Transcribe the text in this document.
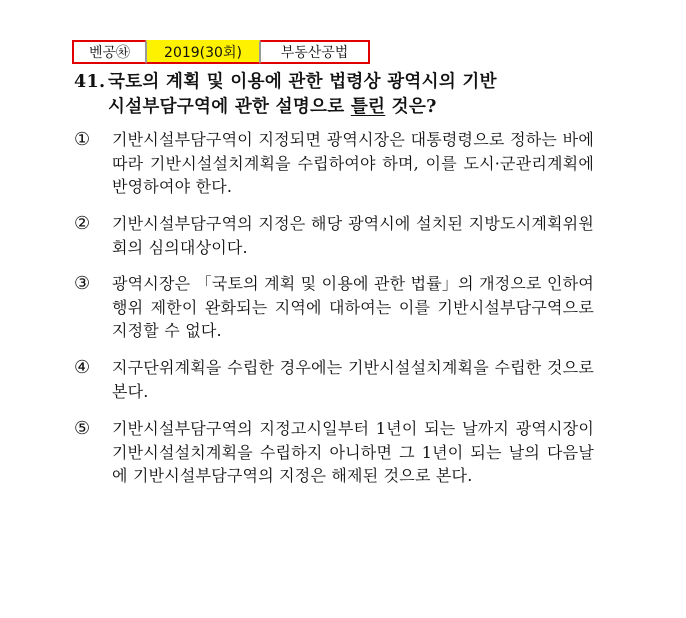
벤공㉷	2019(30회)	부동산공법
41. 국토의 계획 및 이용에 관한 법령상 광역시의 기반
시설부담구역에 관한 설명으로 틀린 것은?
①	기반시설부담구역이 지정되면 광역시장은 대통령령으로 정하는 바에 따라 기반시설설치계획을 수립하여야 하며, 이를 도시·군관리계획에 반영하여야 한다.
②	기반시설부담구역의 지정은 해당 광역시에 설치된 지방도시계획위원회의 심의대상이다.
③	광역시장은 「국토의 계획 및 이용에 관한 법률」의 개정으로 인하여 행위 제한이 완화되는 지역에 대하여는 이를 기반시설부담구역으로 지정할 수 없다.
④	지구단위계획을 수립한 경우에는 기반시설설치계획을 수립한 것으로 본다.
⑤	기반시설부담구역의 지정고시일부터 1년이 되는 날까지 광역시장이 기반시설설치계획을 수립하지 아니하면 그 1년이 되는 날의 다음날에 기반시설부담구역의 지정은 해제된 것으로 본다.
